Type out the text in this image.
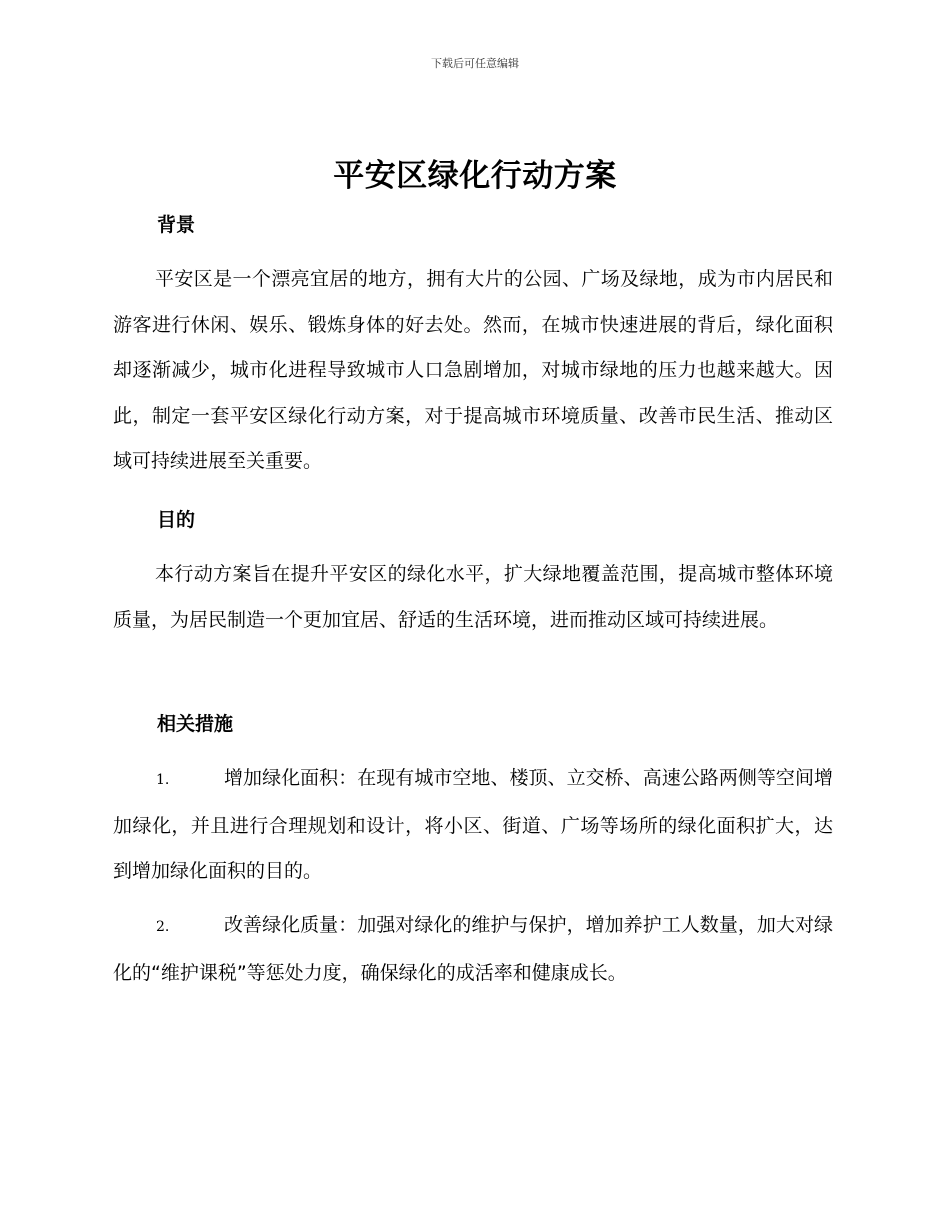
下载后可任意编辑
平安区绿化行动方案
背景

平安区是一个漂亮宜居的地方，拥有大片的公园、广场及绿地，成为市内居民和游客进行休闲、娱乐、锻炼身体的好去处。然而，在城市快速进展的背后，绿化面积却逐渐减少，城市化进程导致城市人口急剧增加，对城市绿地的压力也越来越大。因此，制定一套平安区绿化行动方案，对于提高城市环境质量、改善市民生活、推动区域可持续进展至关重要。

目的

本行动方案旨在提升平安区的绿化水平，扩大绿地覆盖范围，提高城市整体环境质量，为居民制造一个更加宜居、舒适的生活环境，进而推动区域可持续进展。

相关措施

1.	增加绿化面积：在现有城市空地、楼顶、立交桥、高速公路两侧等空间增加绿化，并且进行合理规划和设计，将小区、街道、广场等场所的绿化面积扩大，达到增加绿化面积的目的。

2.	改善绿化质量：加强对绿化的维护与保护，增加养护工人数量，加大对绿化的“维护课税”等惩处力度，确保绿化的成活率和健康成长。
